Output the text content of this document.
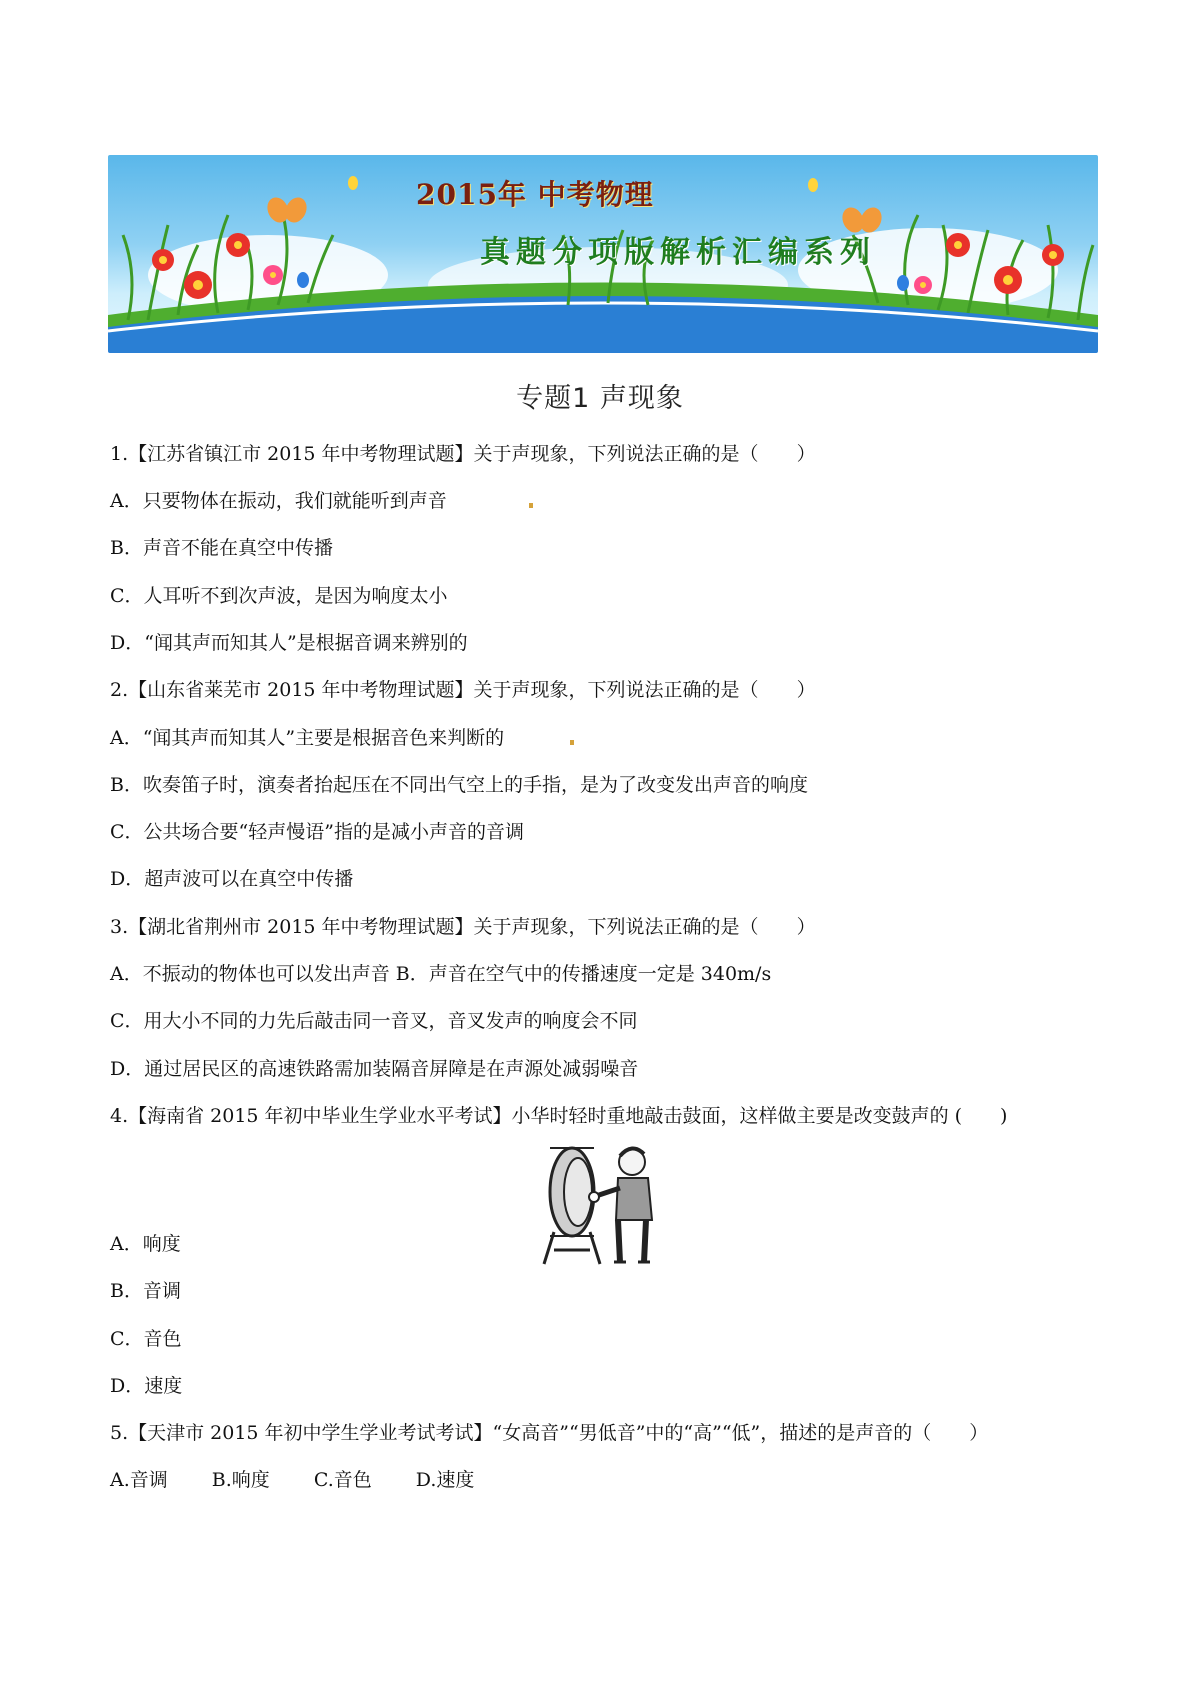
2015年 中考物理
真题分项版解析汇编系列
专题1 声现象
1.【江苏省镇江市 2015 年中考物理试题】关于声现象，下列说法正确的是（　　）
A．只要物体在振动，我们就能听到声音
B．声音不能在真空中传播
C．人耳听不到次声波，是因为响度太小
D．“闻其声而知其人”是根据音调来辨别的
2.【山东省莱芜市 2015 年中考物理试题】关于声现象，下列说法正确的是（　　）
A．“闻其声而知其人”主要是根据音色来判断的
B．吹奏笛子时，演奏者抬起压在不同出气空上的手指，是为了改变发出声音的响度
C．公共场合要“轻声慢语”指的是减小声音的音调
D．超声波可以在真空中传播
3.【湖北省荆州市 2015 年中考物理试题】关于声现象，下列说法正确的是（　　）
A．不振动的物体也可以发出声音 B．声音在空气中的传播速度一定是 340m/s
C．用大小不同的力先后敲击同一音叉，音叉发声的响度会不同
D．通过居民区的高速铁路需加装隔音屏障是在声源处减弱噪音
4.【海南省 2015 年初中毕业生学业水平考试】小华时轻时重地敲击鼓面，这样做主要是改变鼓声的 (　　)
A．响度
B．音调
C．音色
D．速度
5.【天津市 2015 年初中学生学业考试考试】“女高音”“男低音”中的“高”“低”，描述的是声音的（　　）
A.音调　　 B.响度　　 C.音色　　 D.速度
